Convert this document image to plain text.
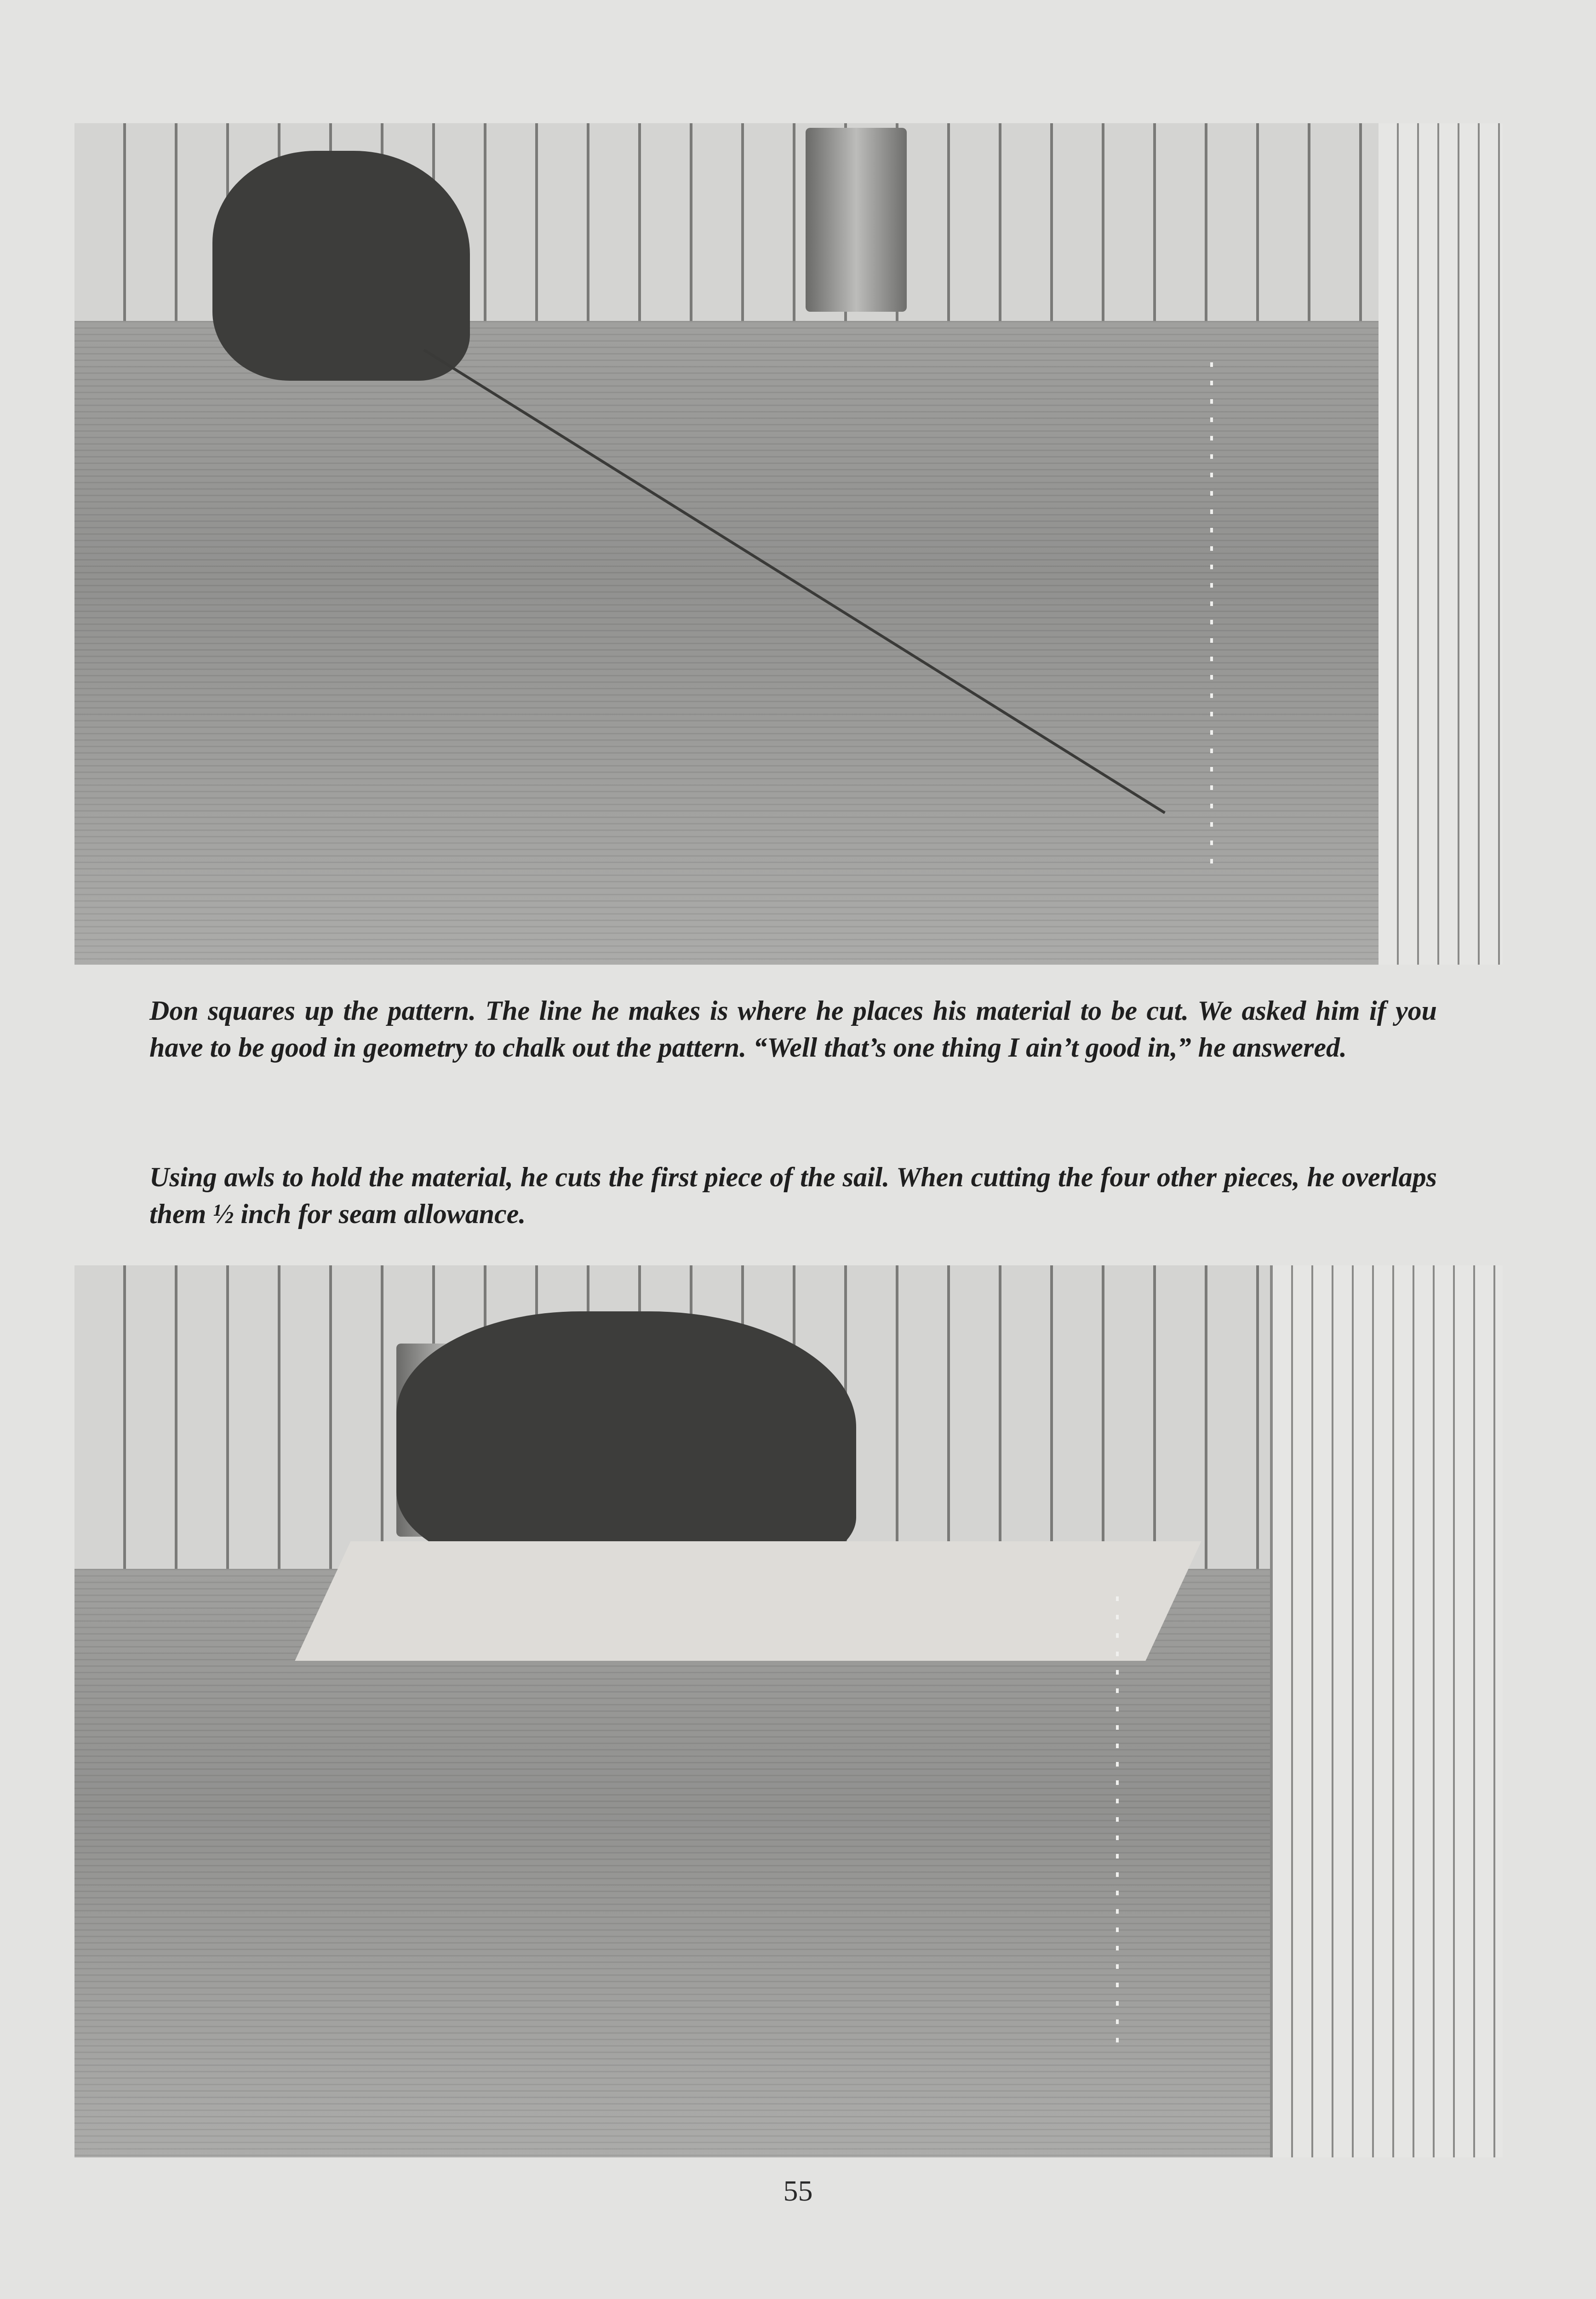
Don squares up the pattern. The line he makes is where he places his material to be cut. We asked him if you have to be good in geometry to chalk out the pattern. “Well that’s one thing I ain’t good in,” he answered.

Using awls to hold the material, he cuts the first piece of the sail. When cutting the four other pieces, he overlaps them ½ inch for seam allowance.

55
